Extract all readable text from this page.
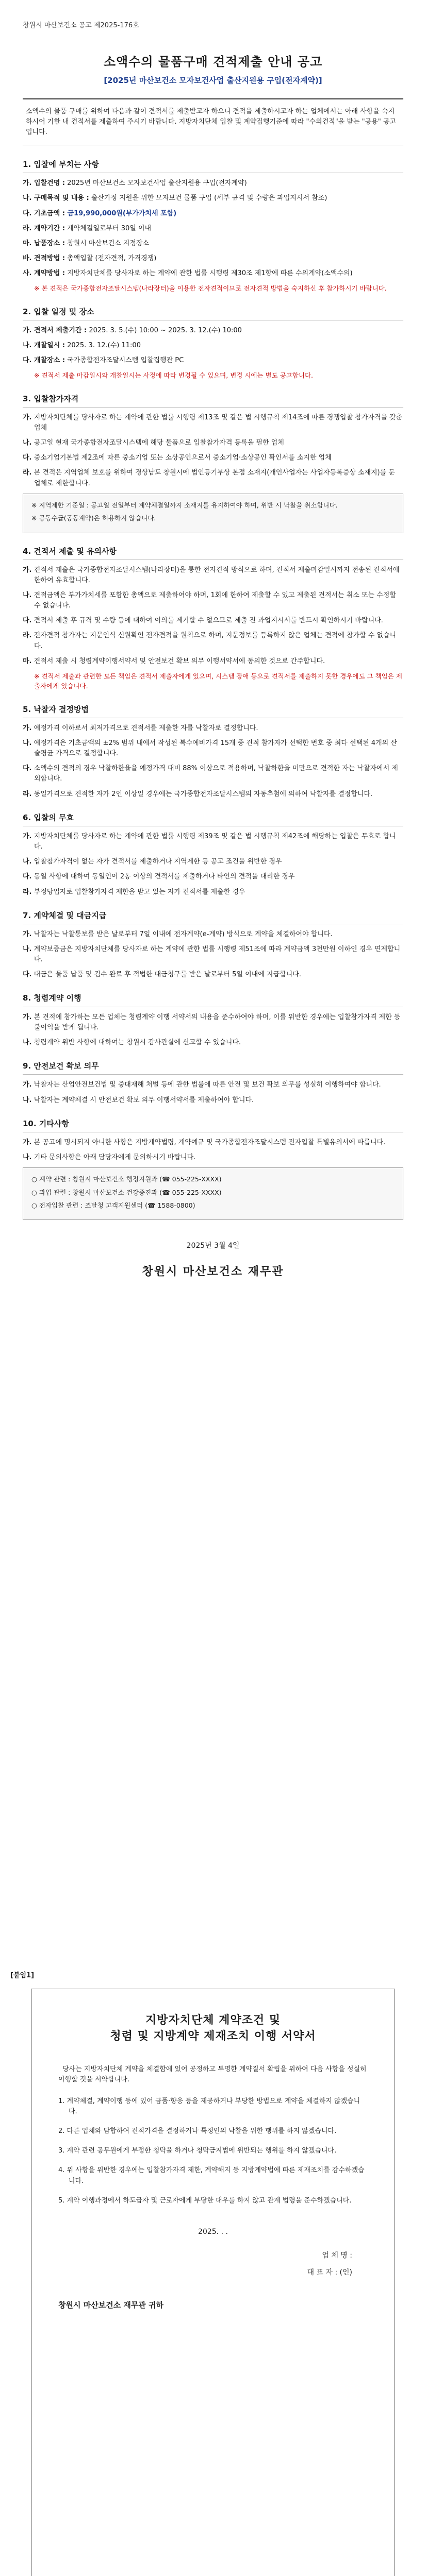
창원시 마산보건소 공고 제2025-176호
소액수의 물품구매 견적제출 안내 공고

[2025년 마산보건소 모자보건사업 출산지원용 구입(전자계약)]

소액수의 물품 구매를 위하여 다음과 같이 견적서를 제출받고자 하오니 견적을 제출하시고자 하는 업체에서는 아래 사항을 숙지하시어 기한 내 견적서를 제출하여 주시기 바랍니다. 지방자치단체 입찰 및 계약집행기준에 따라 "수의견적"을 받는 "공용" 공고입니다.
1. 입찰에 부치는 사항

가. 입찰건명 : 2025년 마산보건소 모자보건사업 출산지원용 구입(전자계약)

나. 구매목적 및 내용 : 출산가정 지원을 위한 모자보건 물품 구입 (세부 규격 및 수량은 과업지시서 참조)

다. 기초금액 : 금19,990,000원(부가가치세 포함)

라. 계약기간 : 계약체결일로부터 30일 이내

마. 납품장소 : 창원시 마산보건소 지정장소

바. 견적방법 : 총액입찰 (전자견적, 가격경쟁)

사. 계약방법 : 지방자치단체를 당사자로 하는 계약에 관한 법률 시행령 제30조 제1항에 따른 수의계약(소액수의)

※ 본 견적은 국가종합전자조달시스템(나라장터)을 이용한 전자견적이므로 전자견적 방법을 숙지하신 후 참가하시기 바랍니다.

2. 입찰 일정 및 장소

가. 견적서 제출기간 : 2025. 3. 5.(수) 10:00 ~ 2025. 3. 12.(수) 10:00

나. 개찰일시 : 2025. 3. 12.(수) 11:00

다. 개찰장소 : 국가종합전자조달시스템 입찰집행관 PC

※ 견적서 제출 마감일시와 개찰일시는 사정에 따라 변경될 수 있으며, 변경 시에는 별도 공고합니다.

3. 입찰참가자격

가. 지방자치단체를 당사자로 하는 계약에 관한 법률 시행령 제13조 및 같은 법 시행규칙 제14조에 따른 경쟁입찰 참가자격을 갖춘 업체

나. 공고일 현재 국가종합전자조달시스템에 해당 물품으로 입찰참가자격 등록을 필한 업체

다. 중소기업기본법 제2조에 따른 중소기업 또는 소상공인으로서 중소기업·소상공인 확인서를 소지한 업체

라. 본 견적은 지역업체 보호를 위하여 경상남도 창원시에 법인등기부상 본점 소재지(개인사업자는 사업자등록증상 소재지)를 둔 업체로 제한합니다.

※ 지역제한 기준일 : 공고일 전일부터 계약체결일까지 소재지를 유지하여야 하며, 위반 시 낙찰을 취소합니다.

※ 공동수급(공동계약)은 허용하지 않습니다.

4. 견적서 제출 및 유의사항

가. 견적서 제출은 국가종합전자조달시스템(나라장터)을 통한 전자견적 방식으로 하며, 견적서 제출마감일시까지 전송된 견적서에 한하여 유효합니다.

나. 견적금액은 부가가치세를 포함한 총액으로 제출하여야 하며, 1회에 한하여 제출할 수 있고 제출된 견적서는 취소 또는 수정할 수 없습니다.

다. 견적서 제출 후 규격 및 수량 등에 대하여 이의를 제기할 수 없으므로 제출 전 과업지시서를 반드시 확인하시기 바랍니다.

라. 전자견적 참가자는 지문인식 신원확인 전자견적을 원칙으로 하며, 지문정보를 등록하지 않은 업체는 견적에 참가할 수 없습니다.

마. 견적서 제출 시 청렴계약이행서약서 및 안전보건 확보 의무 이행서약서에 동의한 것으로 간주합니다.

※ 견적서 제출과 관련한 모든 책임은 견적서 제출자에게 있으며, 시스템 장애 등으로 견적서를 제출하지 못한 경우에도 그 책임은 제출자에게 있습니다.

5. 낙찰자 결정방법

가. 예정가격 이하로서 최저가격으로 견적서를 제출한 자를 낙찰자로 결정합니다.

나. 예정가격은 기초금액의 ±2% 범위 내에서 작성된 복수예비가격 15개 중 견적 참가자가 선택한 번호 중 최다 선택된 4개의 산술평균 가격으로 결정합니다.

다. 소액수의 견적의 경우 낙찰하한율을 예정가격 대비 88% 이상으로 적용하며, 낙찰하한율 미만으로 견적한 자는 낙찰자에서 제외합니다.

라. 동일가격으로 견적한 자가 2인 이상일 경우에는 국가종합전자조달시스템의 자동추첨에 의하여 낙찰자를 결정합니다.

6. 입찰의 무효

가. 지방자치단체를 당사자로 하는 계약에 관한 법률 시행령 제39조 및 같은 법 시행규칙 제42조에 해당하는 입찰은 무효로 합니다.

나. 입찰참가자격이 없는 자가 견적서를 제출하거나 지역제한 등 공고 조건을 위반한 경우

다. 동일 사항에 대하여 동일인이 2통 이상의 견적서를 제출하거나 타인의 견적을 대리한 경우

라. 부정당업자로 입찰참가자격 제한을 받고 있는 자가 견적서를 제출한 경우

7. 계약체결 및 대금지급

가. 낙찰자는 낙찰통보를 받은 날로부터 7일 이내에 전자계약(e-계약) 방식으로 계약을 체결하여야 합니다.

나. 계약보증금은 지방자치단체를 당사자로 하는 계약에 관한 법률 시행령 제51조에 따라 계약금액 3천만원 이하인 경우 면제합니다.

다. 대금은 물품 납품 및 검수 완료 후 적법한 대금청구를 받은 날로부터 5일 이내에 지급합니다.

8. 청렴계약 이행

가. 본 견적에 참가하는 모든 업체는 청렴계약 이행 서약서의 내용을 준수하여야 하며, 이를 위반한 경우에는 입찰참가자격 제한 등 불이익을 받게 됩니다.

나. 청렴계약 위반 사항에 대하여는 창원시 감사관실에 신고할 수 있습니다.

9. 안전보건 확보 의무

가. 낙찰자는 산업안전보건법 및 중대재해 처벌 등에 관한 법률에 따른 안전 및 보건 확보 의무를 성실히 이행하여야 합니다.

나. 낙찰자는 계약체결 시 안전보건 확보 의무 이행서약서를 제출하여야 합니다.

10. 기타사항

가. 본 공고에 명시되지 아니한 사항은 지방계약법령, 계약예규 및 국가종합전자조달시스템 전자입찰 특별유의서에 따릅니다.

나. 기타 문의사항은 아래 담당자에게 문의하시기 바랍니다.

○ 계약 관련 : 창원시 마산보건소 행정지원과 (☎ 055-225-XXXX)

○ 과업 관련 : 창원시 마산보건소 건강증진과 (☎ 055-225-XXXX)

○ 전자입찰 관련 : 조달청 고객지원센터 (☎ 1588-0800)

2025년 3월 4일
창원시 마산보건소 재무관
[붙임1]
지방자치단체 계약조건 및
청렴 및 지방계약 제재조치 이행 서약서

당사는 지방자치단체 계약을 체결함에 있어 공정하고 투명한 계약질서 확립을 위하여 다음 사항을 성실히 이행할 것을 서약합니다.

1. 계약체결, 계약이행 등에 있어 금품·향응 등을 제공하거나 부당한 방법으로 계약을 체결하지 않겠습니다.

2. 다른 업체와 담합하여 견적가격을 결정하거나 특정인의 낙찰을 위한 행위를 하지 않겠습니다.

3. 계약 관련 공무원에게 부정한 청탁을 하거나 청탁금지법에 위반되는 행위를 하지 않겠습니다.

4. 위 사항을 위반한 경우에는 입찰참가자격 제한, 계약해지 등 지방계약법에 따른 제재조치를 감수하겠습니다.

5. 계약 이행과정에서 하도급자 및 근로자에게 부당한 대우를 하지 않고 관계 법령을 준수하겠습니다.

2025. . .
업 체 명 :
대 표 자 : (인)
창원시 마산보건소 재무관 귀하
